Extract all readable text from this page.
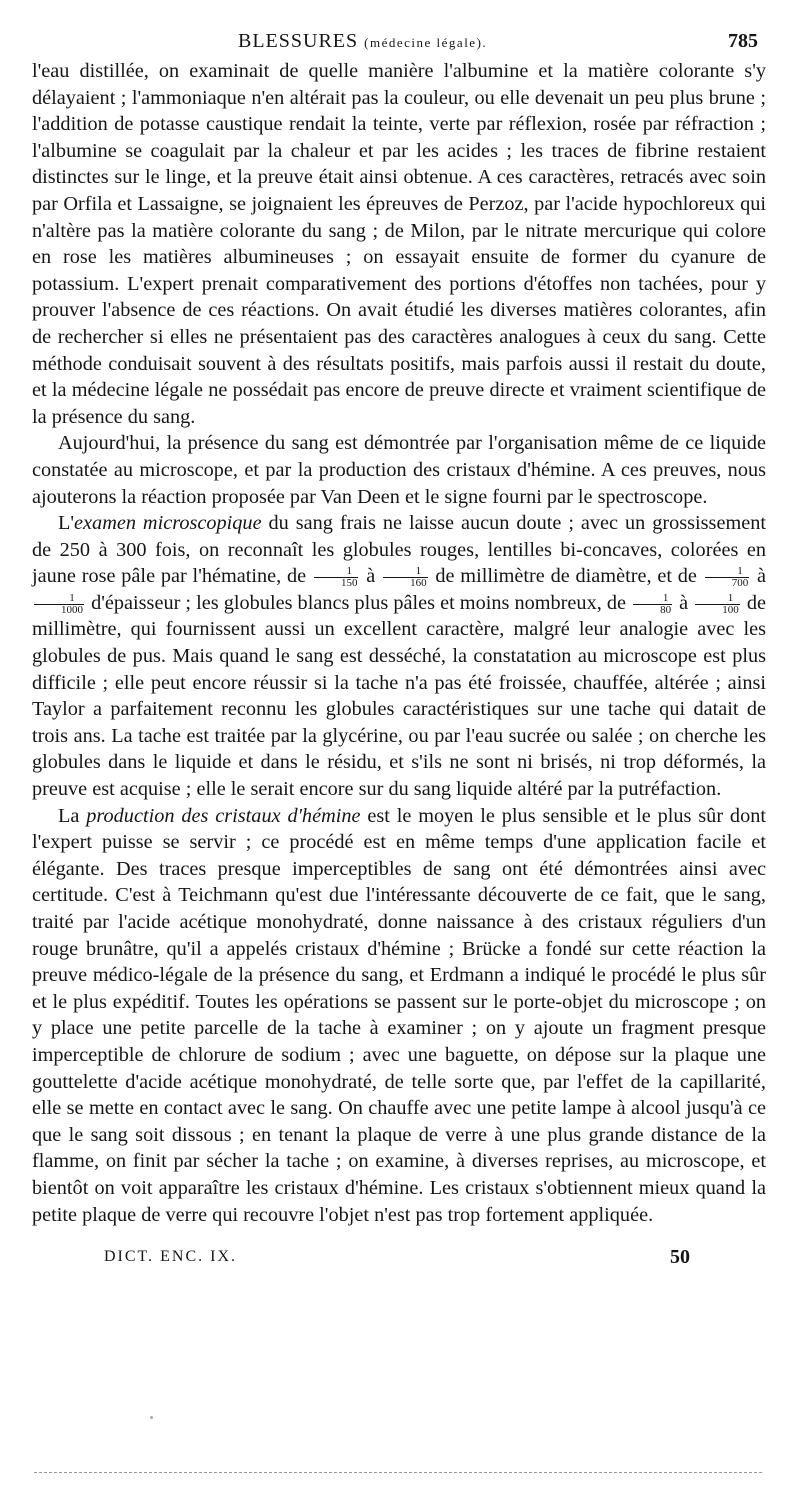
BLESSURES (médecine légale).	785

l'eau distillée, on examinait de quelle manière l'albumine et la matière colorante s'y délayaient ; l'ammoniaque n'en altérait pas la couleur, ou elle devenait un peu plus brune ; l'addition de potasse caustique rendait la teinte, verte par réflexion, rosée par réfraction ; l'albumine se coagulait par la chaleur et par les acides ; les traces de fibrine restaient distinctes sur le linge, et la preuve était ainsi obtenue. A ces caractères, retracés avec soin par Orfila et Lassaigne, se joignaient les épreuves de Perzoz, par l'acide hypochloreux qui n'altère pas la matière colorante du sang ; de Milon, par le nitrate mercurique qui colore en rose les matières albumineuses ; on essayait ensuite de former du cyanure de potassium. L'expert prenait comparativement des portions d'étoffes non tachées, pour y prouver l'absence de ces réactions. On avait étudié les diverses matières colorantes, afin de rechercher si elles ne présentaient pas des caractères analogues à ceux du sang. Cette méthode conduisait souvent à des résultats positifs, mais parfois aussi il restait du doute, et la médecine légale ne possédait pas encore de preuve directe et vraiment scientifique de la présence du sang.

Aujourd'hui, la présence du sang est démontrée par l'organisation même de ce liquide constatée au microscope, et par la production des cristaux d'hémine. A ces preuves, nous ajouterons la réaction proposée par Van Deen et le signe fourni par le spectroscope.

L'examen microscopique du sang frais ne laisse aucun doute ; avec un grossissement de 250 à 300 fois, on reconnaît les globules rouges, lentilles bi-concaves, colorées en jaune rose pâle par l'hématine, de $\frac{1}{150}$ à $\frac{1}{160}$ de millimètre de diamètre, et de $\frac{1}{700}$ à
$\frac{1}{1000}$ d'épaisseur ; les globules blancs plus pâles et moins nombreux, de $\frac{1}{80}$ à $\frac{1}{100}$ de millimètre, qui fournissent aussi un excellent caractère, malgré leur analogie avec les globules de pus. Mais quand le sang est desséché, la constatation au microscope est plus difficile ; elle peut encore réussir si la tache n'a pas été froissée, chauffée, altérée ; ainsi Taylor a parfaitement reconnu les globules caractéristiques sur une tache qui datait de trois ans. La tache est traitée par la glycérine, ou par l'eau sucrée ou salée ; on cherche les globules dans le liquide et dans le résidu, et s'ils ne sont ni brisés, ni trop déformés, la preuve est acquise ; elle le serait encore sur du sang liquide altéré par la putréfaction.

La production des cristaux d'hémine est le moyen le plus sensible et le plus sûr dont l'expert puisse se servir ; ce procédé est en même temps d'une application facile et élégante. Des traces presque imperceptibles de sang ont été démontrées ainsi avec certitude. C'est à Teichmann qu'est due l'intéressante découverte de ce fait, que le sang, traité par l'acide acétique monohydraté, donne naissance à des cristaux réguliers d'un rouge brunâtre, qu'il a appelés cristaux d'hémine ; Brücke a fondé sur cette réaction la preuve médico-légale de la présence du sang, et Erdmann a indiqué le procédé le plus sûr et le plus expéditif. Toutes les opérations se passent sur le porte-objet du microscope ; on y place une petite parcelle de la tache à examiner ; on y ajoute un fragment presque imperceptible de chlorure de sodium ; avec une baguette, on dépose sur la plaque une gouttelette d'acide acétique monohydraté, de telle sorte que, par l'effet de la capillarité, elle se mette en contact avec le sang. On chauffe avec une petite lampe à alcool jusqu'à ce que le sang soit dissous ; en tenant la plaque de verre à une plus grande distance de la flamme, on finit par sécher la tache ; on examine, à diverses reprises, au microscope, et bientôt on voit apparaître les cristaux d'hémine. Les cristaux s'obtiennent mieux quand la petite plaque de verre qui recouvre l'objet n'est pas trop fortement appliquée.

DICT. ENC. IX.	50
